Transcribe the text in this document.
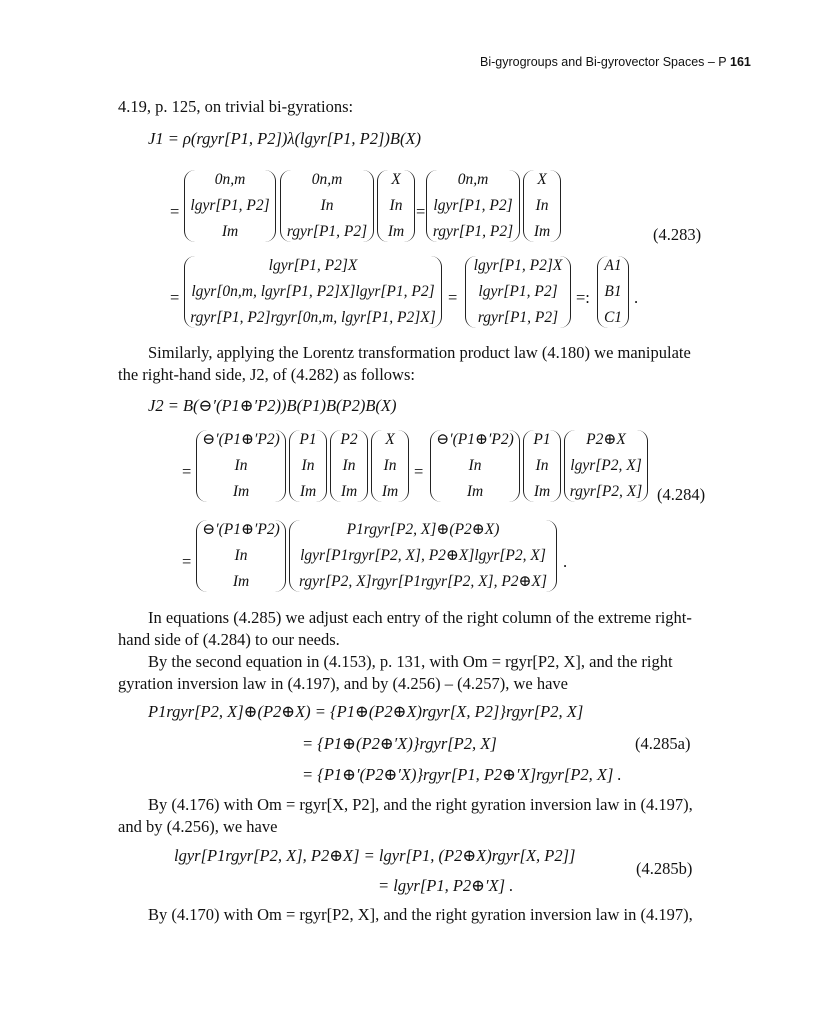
Bi-gyrogroups and Bi-gyrovector Spaces – P 161
4.19, p. 125, on trivial bi-gyrations:
J1 = ρ(rgyr[P1, P2])λ(lgyr[P1, P2])B(X)
=
0n,m
lgyr[P1, P2]
Im
0n,m
In
rgyr[P1, P2]
X
In
Im
=
0n,m
lgyr[P1, P2]
rgyr[P1, P2]
X
In
Im	(4.283)
=
lgyr[P1, P2]X
lgyr[0n,m, lgyr[P1, P2]X]lgyr[P1, P2]
rgyr[P1, P2]rgyr[0n,m, lgyr[P1, P2]X]
=
lgyr[P1, P2]X
lgyr[P1, P2]
rgyr[P1, P2]
=:
A1
B1
C1
.
Similarly, applying the Lorentz transformation product law (4.180) we manipulate
the right-hand side, J2, of (4.282) as follows:
J2 = B(⊖′(P1⊕′P2))B(P1)B(P2)B(X)
=
⊖′(P1⊕′P2)
In
Im
P1
In
Im
P2
In
Im
X
In
Im
=
⊖′(P1⊕′P2)
In
Im
P1
In
Im
P2⊕X
lgyr[P2, X]
rgyr[P2, X] (4.284)
=
⊖′(P1⊕′P2)
In
Im
P1rgyr[P2, X]⊕(P2⊕X)
lgyr[P1rgyr[P2, X], P2⊕X]lgyr[P2, X]
rgyr[P2, X]rgyr[P1rgyr[P2, X], P2⊕X]
.
In equations (4.285) we adjust each entry of the right column of the extreme right-
hand side of (4.284) to our needs.
By the second equation in (4.153), p. 131, with Om = rgyr[P2, X], and the right
gyration inversion law in (4.197), and by (4.256) – (4.257), we have
P1rgyr[P2, X]⊕(P2⊕X) = {P1⊕(P2⊕X)rgyr[X, P2]}rgyr[P2, X]
= {P1⊕(P2⊕′X)}rgyr[P2, X]	(4.285a)
= {P1⊕′(P2⊕′X)}rgyr[P1, P2⊕′X]rgyr[P2, X] .
By (4.176) with Om = rgyr[X, P2], and the right gyration inversion law in (4.197),
and by (4.256), we have
lgyr[P1rgyr[P2, X], P2⊕X] = lgyr[P1, (P2⊕X)rgyr[X, P2]]
(4.285b)
= lgyr[P1, P2⊕′X] .
By (4.170) with Om = rgyr[P2, X], and the right gyration inversion law in (4.197),
